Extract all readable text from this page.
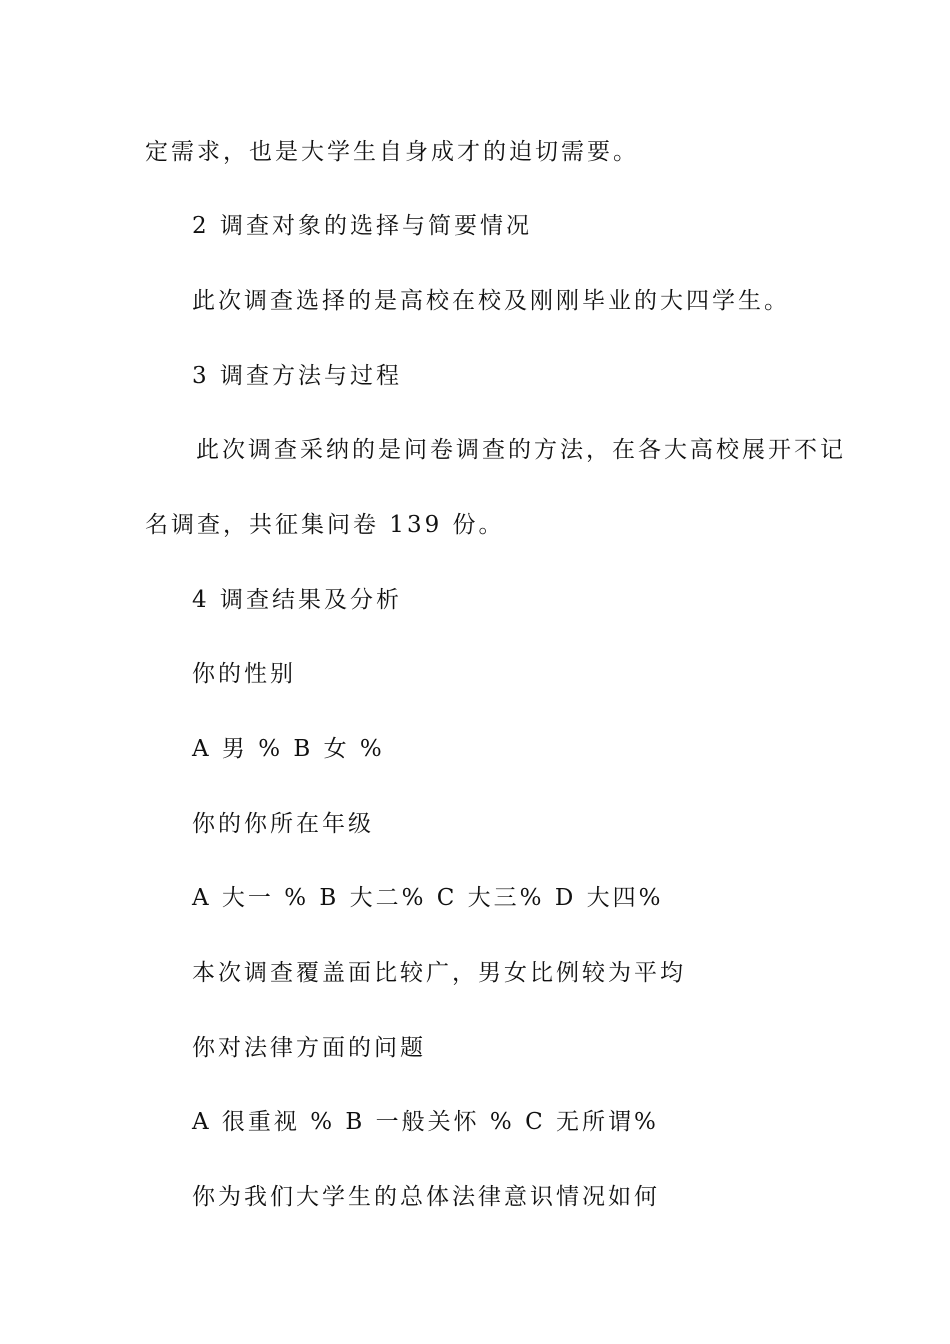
定需求，也是大学生自身成才的迫切需要。

2 调查对象的选择与简要情况

此次调查选择的是高校在校及刚刚毕业的大四学生。

3 调查方法与过程

此次调查采纳的是问卷调查的方法，在各大高校展开不记

名调查，共征集问卷 139 份。

4 调查结果及分析

你的性别

A 男 % B 女 %

你的你所在年级

A 大一 % B 大二% C 大三% D 大四%

本次调查覆盖面比较广，男女比例较为平均

你对法律方面的问题

A 很重视 % B 一般关怀 % C 无所谓%

你为我们大学生的总体法律意识情况如何
